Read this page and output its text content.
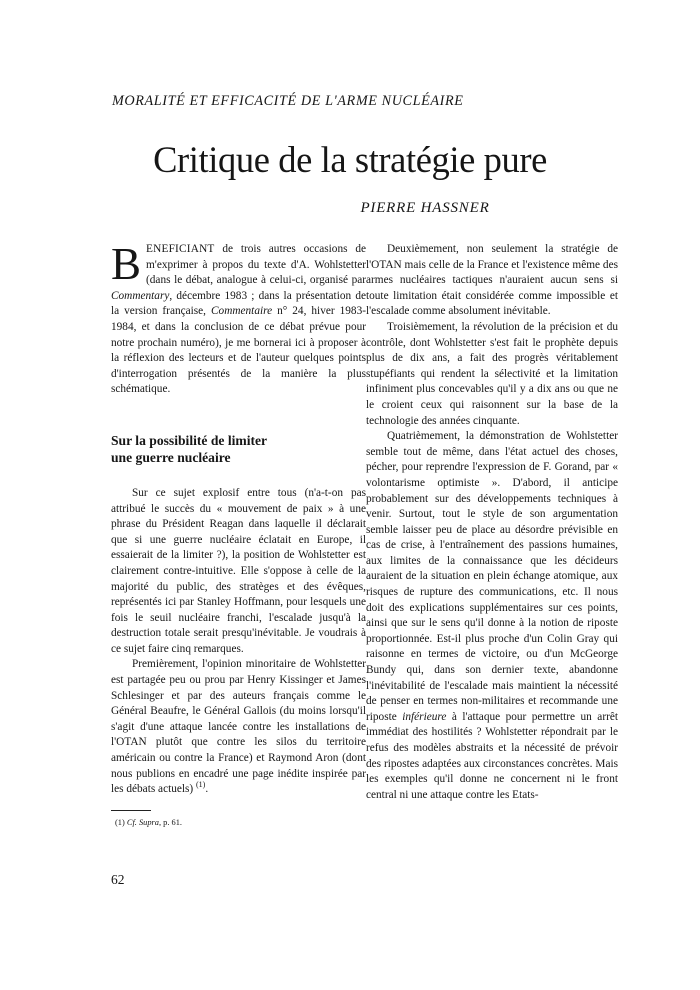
MORALITÉ ET EFFICACITÉ DE L'ARME NUCLÉAIRE
Critique de la stratégie pure
PIERRE HASSNER

BENEFICIANT de trois autres occasions de m'exprimer à propos du texte d'A. Wohlstetter (dans le débat, analogue à celui-ci, organisé par Commentary, décembre 1983 ; dans la présentation de la version française, Commentaire n° 24, hiver 1983-1984, et dans la conclusion de ce débat prévue pour notre prochain numéro), je me bornerai ici à proposer à la réflexion des lecteurs et de l'auteur quelques points d'interrogation présentés de la manière la plus schématique.

Sur la possibilité de limiter
une guerre nucléaire

Sur ce sujet explosif entre tous (n'a-t-on pas attribué le succès du « mouvement de paix » à une phrase du Président Reagan dans laquelle il déclarait que si une guerre nucléaire éclatait en Europe, il essaierait de la limiter ?), la position de Wohlstetter est clairement contre-intuitive. Elle s'oppose à celle de la majorité du public, des stratèges et des évêques, représentés ici par Stanley Hoffmann, pour lesquels une fois le seuil nucléaire franchi, l'escalade jusqu'à la destruction totale serait presqu'inévitable. Je voudrais à ce sujet faire cinq remarques.

Premièrement, l'opinion minoritaire de Wohlstetter est partagée peu ou prou par Henry Kissinger et James Schlesinger et par des auteurs français comme le Général Beaufre, le Général Gallois (du moins lorsqu'il s'agit d'une attaque lancée contre les installations de l'OTAN plutôt que contre les silos du territoire américain ou contre la France) et Raymond Aron (dont nous publions en encadré une page inédite inspirée par les débats actuels) $^{(1)}$.

(1) Cf. Supra, p. 61.

Deuxièmement, non seulement la stratégie de l'OTAN mais celle de la France et l'existence même des armes nucléaires tactiques n'auraient aucun sens si toute limitation était considérée comme impossible et l'escalade comme absolument inévitable.

Troisièmement, la révolution de la précision et du contrôle, dont Wohlstetter s'est fait le prophète depuis plus de dix ans, a fait des progrès véritablement stupéfiants qui rendent la sélectivité et la limitation infiniment plus concevables qu'il y a dix ans ou que ne le croient ceux qui raisonnent sur la base de la technologie des années cinquante.

Quatrièmement, la démonstration de Wohlstetter semble tout de même, dans l'état actuel des choses, pécher, pour reprendre l'expression de F. Gorand, par « volontarisme optimiste ». D'abord, il anticipe probablement sur des développements techniques à venir. Surtout, tout le style de son argumentation semble laisser peu de place au désordre prévisible en cas de crise, à l'entraînement des passions humaines, aux limites de la connaissance que les décideurs auraient de la situation en plein échange atomique, aux risques de rupture des communications, etc. Il nous doit des explications supplémentaires sur ces points, ainsi que sur le sens qu'il donne à la notion de riposte proportionnée. Est-il plus proche d'un Colin Gray qui raisonne en termes de victoire, ou d'un McGeorge Bundy qui, dans son dernier texte, abandonne l'inévitabilité de l'escalade mais maintient la nécessité de penser en termes non-militaires et recommande une riposte inférieure à l'attaque pour permettre un arrêt immédiat des hostilités ? Wohlstetter répondrait par le refus des modèles abstraits et la nécessité de prévoir des ripostes adaptées aux circonstances concrètes. Mais les exemples qu'il donne ne concernent ni le front central ni une attaque contre les Etats-

62
